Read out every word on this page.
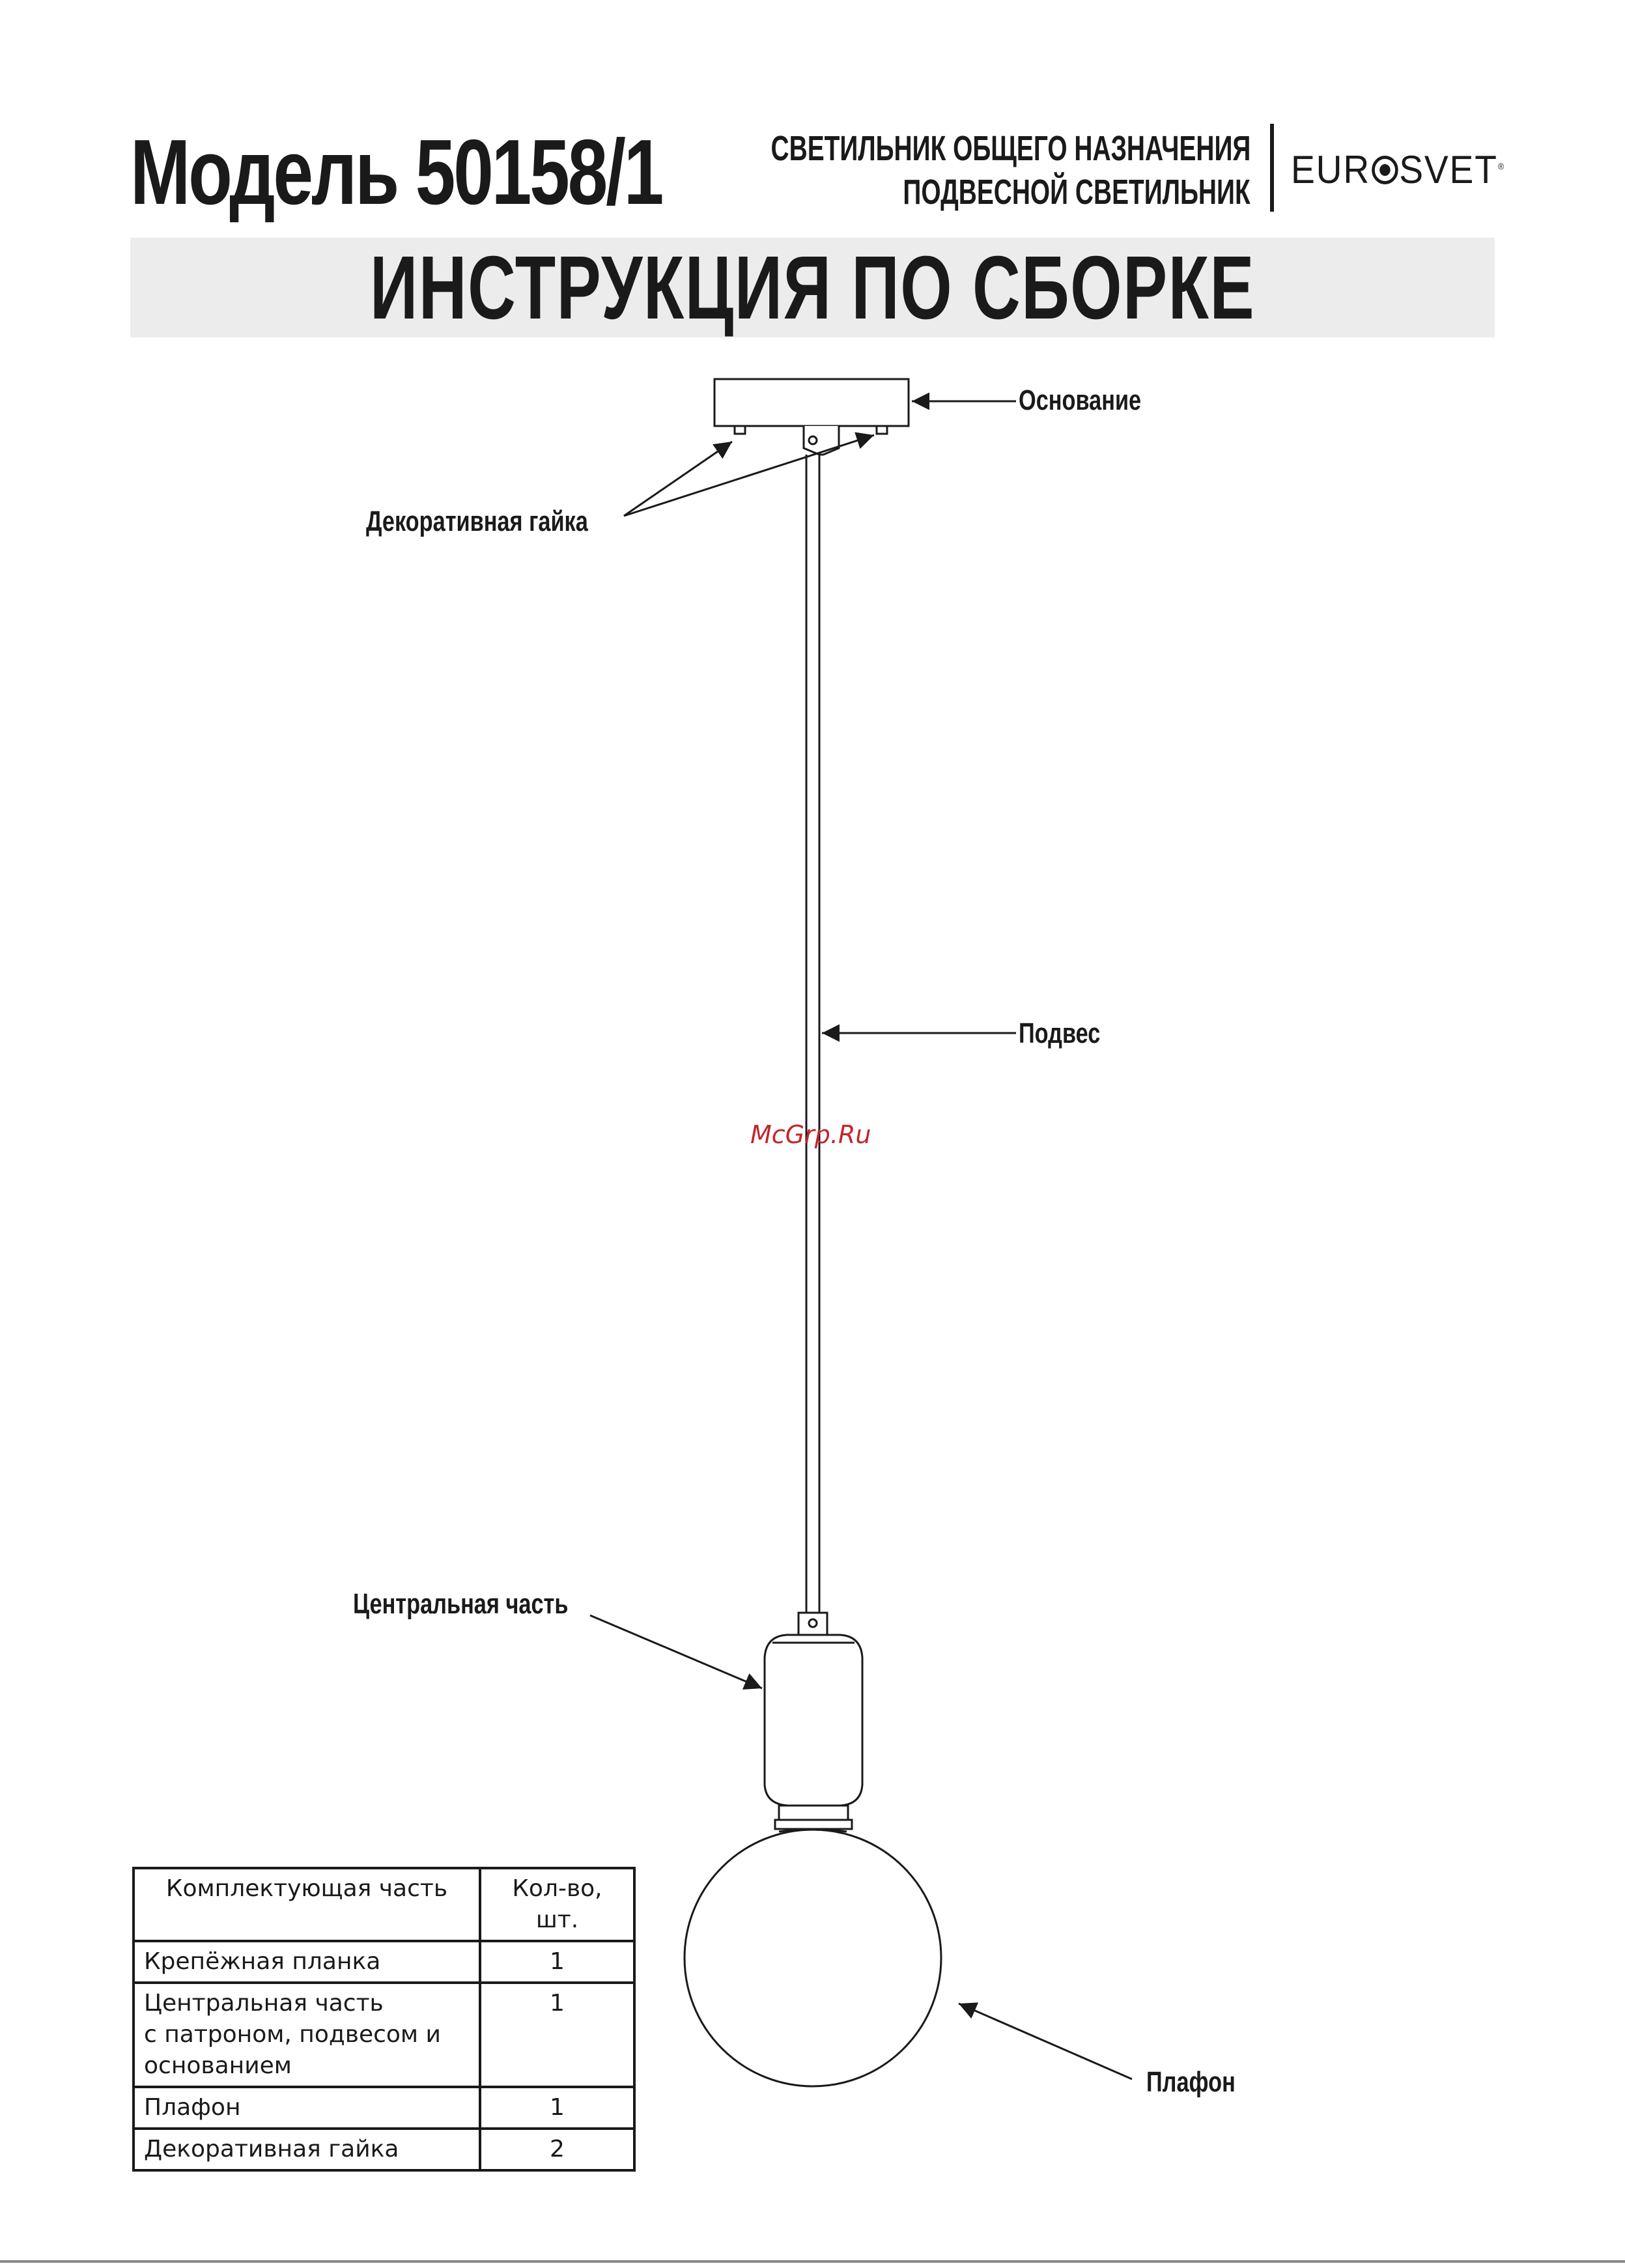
Модель 50158/1	СВЕТИЛЬНИК ОБЩЕГО НАЗНАЧЕНИЯ
ПОДВЕСНОЙ СВЕТИЛЬНИК
EUR SVET®
ИНСТРУКЦИЯ ПО СБОРКЕ
Основание
Декоративная гайка
Подвес
Центральная часть
Плафон
McGrp.Ru
Комплектующая часть	Кол-во, шт.

Крепёжная планка	1

Центральная часть
с патроном, подвесом и
основанием	1

Плафон	1

Декоративная гайка	2
